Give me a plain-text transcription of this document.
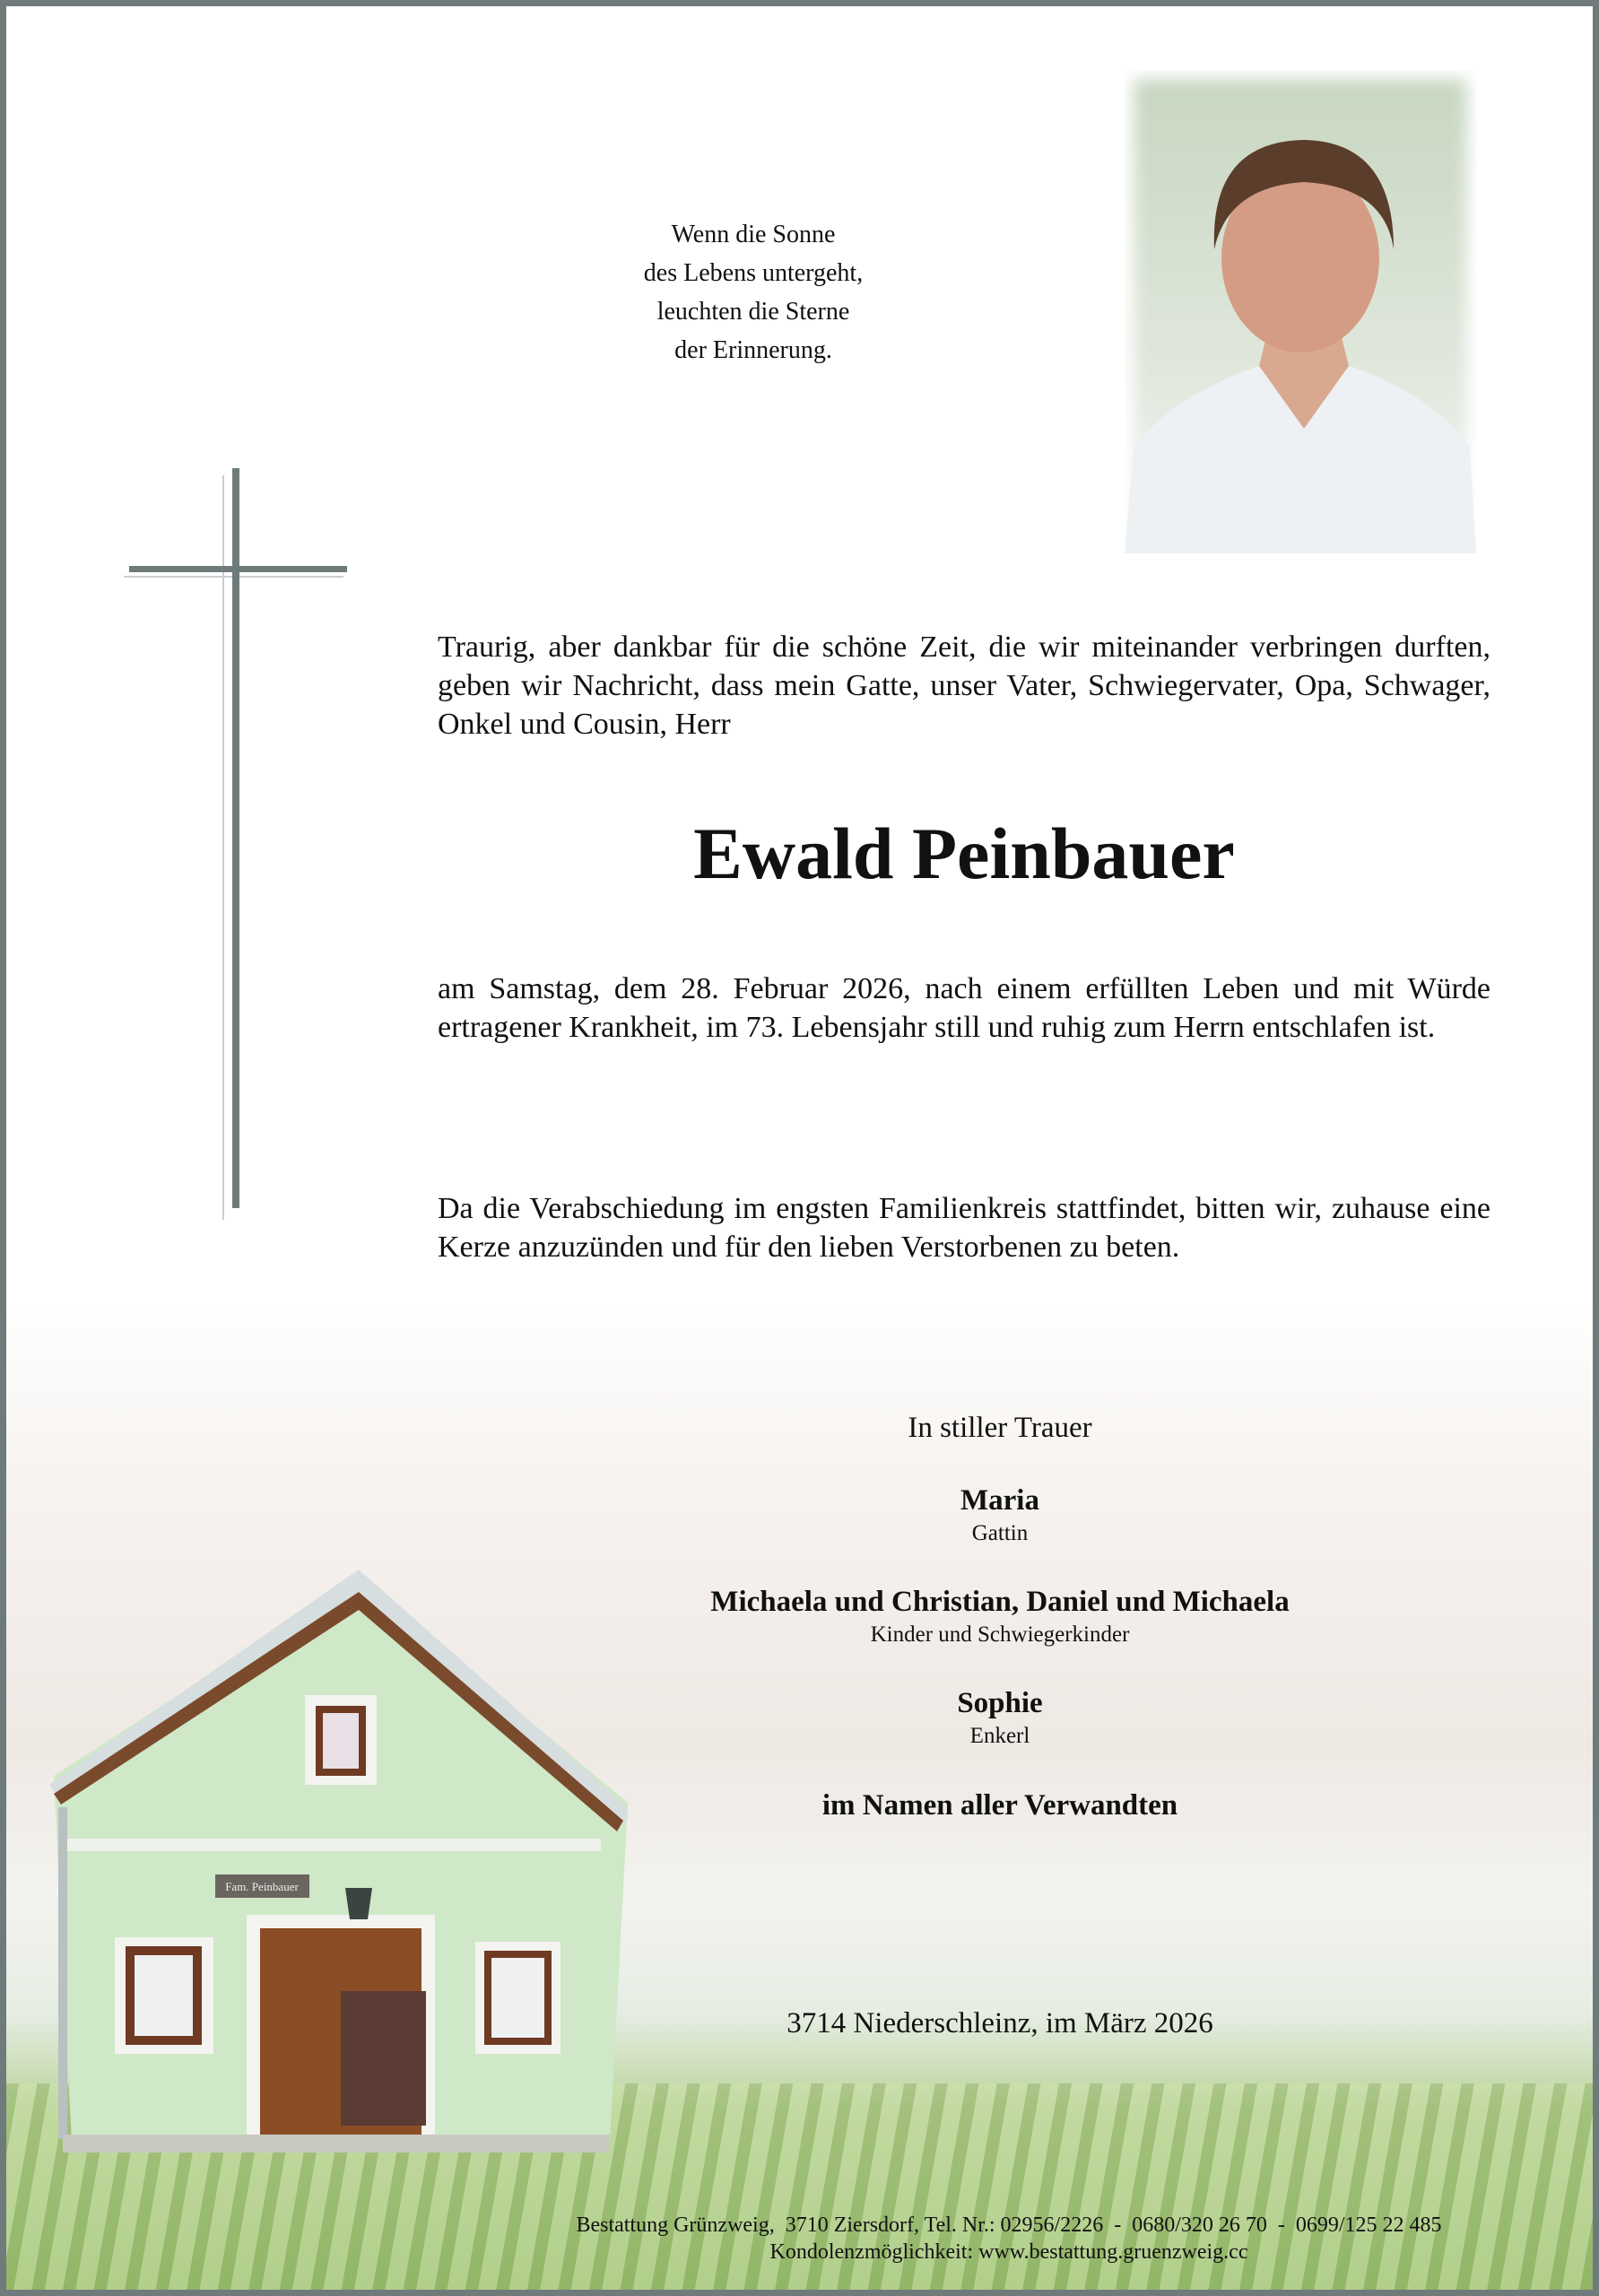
Wenn die Sonne
des Lebens untergeht,
leuchten die Sterne
der Erinnerung.
Traurig, aber dankbar für die schöne Zeit, die wir miteinander verbringen durften, geben wir Nachricht, dass mein Gatte, unser Vater, Schwiegervater, Opa, Schwager, Onkel und Cousin, Herr
Ewald Peinbauer
am Samstag, dem 28. Februar 2026, nach einem erfüllten Leben und mit Würde ertragener Krankheit, im 73. Lebensjahr still und ruhig zum Herrn entschlafen ist.
Da die Verabschiedung im engsten Familienkreis stattfindet, bitten wir, zuhause eine Kerze anzuzünden und für den lieben Verstorbenen zu beten.
In stiller Trauer
Maria
Gattin
Michaela und Christian, Daniel und Michaela
Kinder und Schwiegerkinder
Sophie
Enkerl
im Namen aller Verwandten
3714 Niederschleinz, im März 2026
Fam. Peinbauer
Bestattung Grünzweig,  3710 Ziersdorf, Tel. Nr.: 02956/2226  -  0680/320 26 70  -  0699/125 22 485
Kondolenzmöglichkeit: www.bestattung.gruenzweig.cc
